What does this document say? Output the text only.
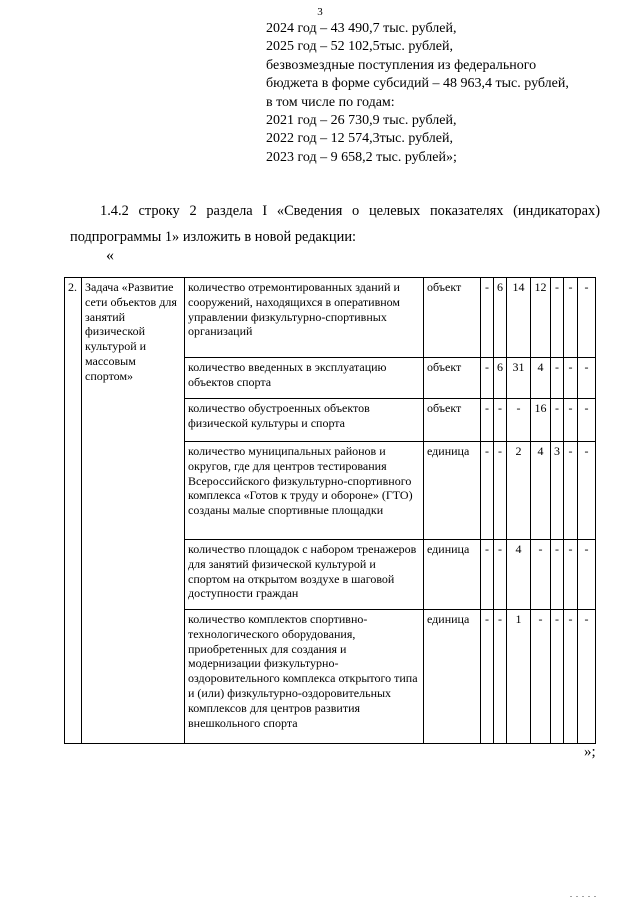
3
2024 год – 43 490,7 тыс. рублей,
2025 год – 52 102,5тыс. рублей,
безвозмездные поступления из федерального
бюджета в форме субсидий – 48 963,4 тыс. рублей,
в том числе по годам:
2021 год – 26 730,9 тыс. рублей,
2022 год – 12 574,3тыс. рублей,
2023 год – 9 658,2 тыс. рублей»;

1.4.2 строку 2 раздела I «Сведения о целевых показателях (индикаторах) подпрограммы 1» изложить в новой редакции:

«
2.	Задача «Развитие сети объектов для занятий физической культурой и массовым спортом»	количество отремонтированных зданий и сооружений, находящихся в оперативном управлении физкультурно-спортивных организаций	объект	-	6	14	12	-	-	-
		количество введенных в эксплуатацию объектов спорта	объект	-	6	31	4	-	-	-
		количество обустроенных объектов физической культуры и спорта	объект	-	-	-	16	-	-	-
		количество муниципальных районов и округов, где для центров тестирования Всероссийского физкультурно-спортивного комплекса «Готов к труду и обороне» (ГТО) созданы малые спортивные площадки	единица	-	-	2	4	3	-	-
		количество площадок с набором тренажеров для занятий физической культурой и спортом на открытом воздухе в шаговой доступности граждан	единица	-	-	4	-	-	-	-
		количество комплектов спортивно-технологического оборудования, приобретенных для создания и модернизации физкультурно-оздоровительного комплекса открытого типа и (или) физкультурно-оздоровительных комплексов для центров развития внешкольного спорта	единица	-	-	1	-	-	-	-
»;
. . . . .
